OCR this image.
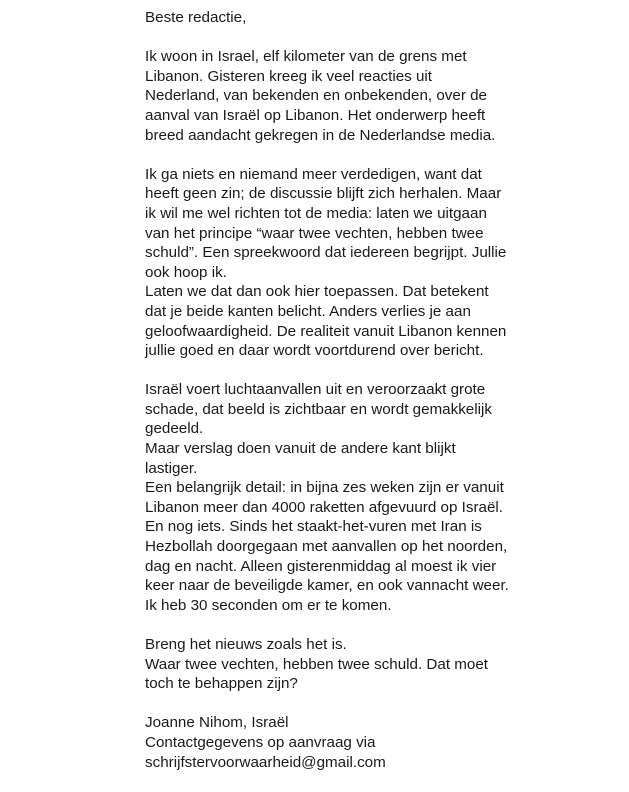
Beste redactie,

Ik woon in Israel, elf kilometer van de grens met
Libanon. Gisteren kreeg ik veel reacties uit
Nederland, van bekenden en onbekenden, over de
aanval van Israël op Libanon. Het onderwerp heeft
breed aandacht gekregen in de Nederlandse media.

Ik ga niets en niemand meer verdedigen, want dat
heeft geen zin; de discussie blijft zich herhalen. Maar
ik wil me wel richten tot de media: laten we uitgaan
van het principe “waar twee vechten, hebben twee
schuld”. Een spreekwoord dat iedereen begrijpt. Jullie
ook hoop ik.
Laten we dat dan ook hier toepassen. Dat betekent
dat je beide kanten belicht. Anders verlies je aan
geloofwaardigheid. De realiteit vanuit Libanon kennen
jullie goed en daar wordt voortdurend over bericht.

Israël voert luchtaanvallen uit en veroorzaakt grote
schade, dat beeld is zichtbaar en wordt gemakkelijk
gedeeld.
Maar verslag doen vanuit de andere kant blijkt
lastiger.
Een belangrijk detail: in bijna zes weken zijn er vanuit
Libanon meer dan 4000 raketten afgevuurd op Israël.
En nog iets. Sinds het staakt-het-vuren met Iran is
Hezbollah doorgegaan met aanvallen op het noorden,
dag en nacht. Alleen gisterenmiddag al moest ik vier
keer naar de beveiligde kamer, en ook vannacht weer.
Ik heb 30 seconden om er te komen.

Breng het nieuws zoals het is.
Waar twee vechten, hebben twee schuld. Dat moet
toch te behappen zijn?

Joanne Nihom, Israël
Contactgegevens op aanvraag via
schrijfstervoorwaarheid@gmail.com
